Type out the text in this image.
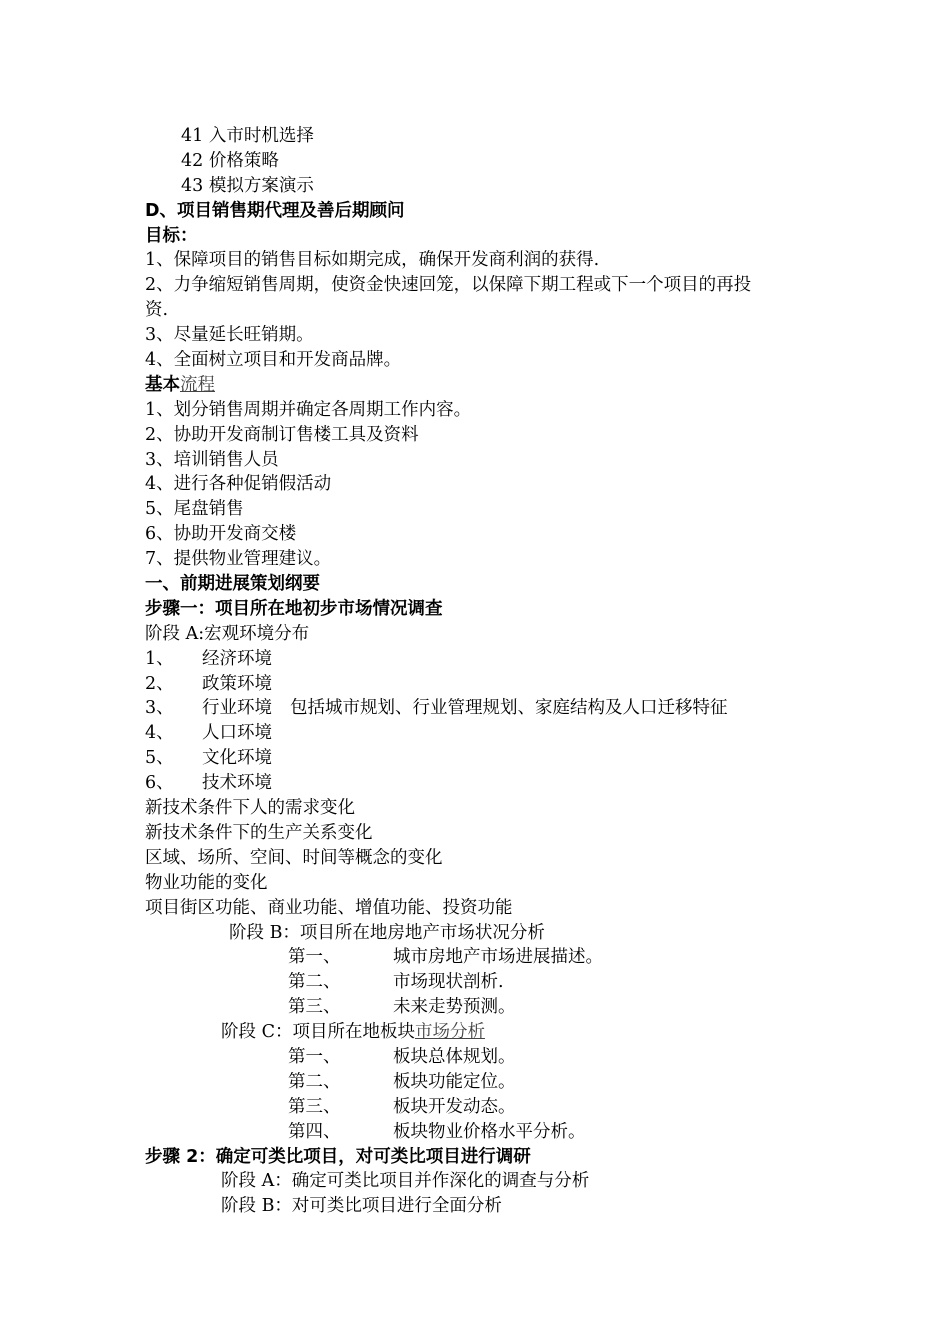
41 入市时机选择
42 价格策略
43 模拟方案演示
D、项目销售期代理及善后期顾问
目标：
1、保障项目的销售目标如期完成，确保开发商利润的获得.
2、力争缩短销售周期，使资金快速回笼，以保障下期工程或下一个项目的再投
资.
3、尽量延长旺销期。
4、全面树立项目和开发商品牌。
基本流程
1、划分销售周期并确定各周期工作内容。
2、协助开发商制订售楼工具及资料
3、培训销售人员
4、进行各种促销假活动
5、尾盘销售
6、协助开发商交楼
7、提供物业管理建议。
一、前期进展策划纲要
步骤一：项目所在地初步市场情况调查
阶段 A:宏观环境分布
1、 经济环境
2、 政策环境
3、 行业环境 包括城市规划、行业管理规划、家庭结构及人口迁移特征
4、 人口环境
5、 文化环境
6、 技术环境
新技术条件下人的需求变化
新技术条件下的生产关系变化
区域、场所、空间、时间等概念的变化
物业功能的变化
项目街区功能、商业功能、增值功能、投资功能
阶段 B：项目所在地房地产市场状况分析
第一、	城市房地产市场进展描述。
第二、	市场现状剖析.
第三、	未来走势预测。
阶段 C：项目所在地板块市场分析
第一、	板块总体规划。
第二、	板块功能定位。
第三、	板块开发动态。
第四、	板块物业价格水平分析。
步骤 2：确定可类比项目，对可类比项目进行调研
阶段 A：确定可类比项目并作深化的调查与分析
阶段 B：对可类比项目进行全面分析
